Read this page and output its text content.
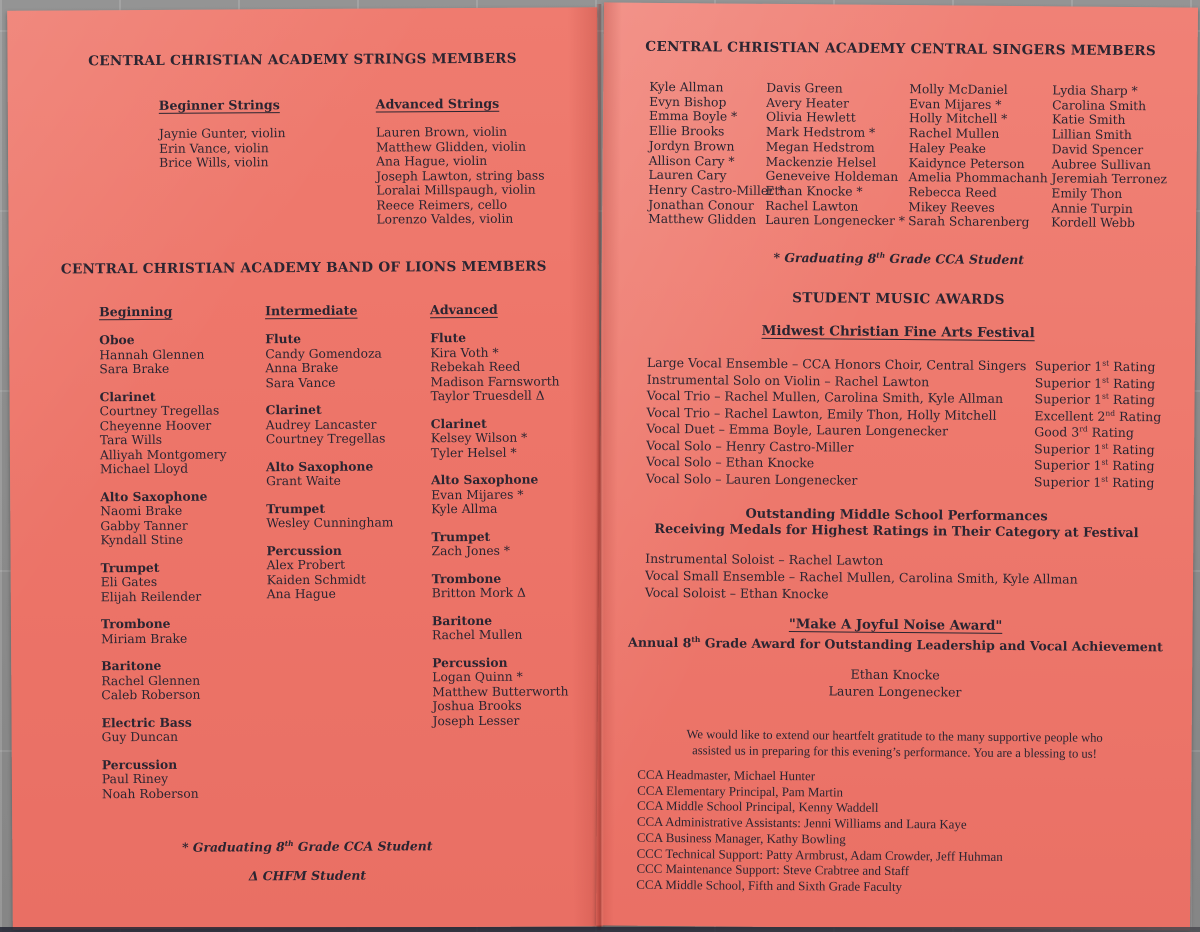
CENTRAL CHRISTIAN ACADEMY STRINGS MEMBERS
Beginner Strings
Jaynie Gunter, violin
Erin Vance, violin
Brice Wills, violin
Advanced Strings
Lauren Brown, violin
Matthew Glidden, violin
Ana Hague, violin
Joseph Lawton, string bass
Loralai Millspaugh, violin
Reece Reimers, cello
Lorenzo Valdes, violin
CENTRAL CHRISTIAN ACADEMY BAND OF LIONS MEMBERS
Beginning
Oboe
Hannah Glennen
Sara Brake
Clarinet
Courtney Tregellas
Cheyenne Hoover
Tara Wills
Alliyah Montgomery
Michael Lloyd
Alto Saxophone
Naomi Brake
Gabby Tanner
Kyndall Stine
Trumpet
Eli Gates
Elijah Reilender
Trombone
Miriam Brake
Baritone
Rachel Glennen
Caleb Roberson
Electric Bass
Guy Duncan
Percussion
Paul Riney
Noah Roberson
Intermediate
Flute
Candy Gomendoza
Anna Brake
Sara Vance
Clarinet
Audrey Lancaster
Courtney Tregellas
Alto Saxophone
Grant Waite
Trumpet
Wesley Cunningham
Percussion
Alex Probert
Kaiden Schmidt
Ana Hague
Advanced
Flute
Kira Voth *
Rebekah Reed
Madison Farnsworth
Taylor Truesdell Δ
Clarinet
Kelsey Wilson *
Tyler Helsel *
Alto Saxophone
Evan Mijares *
Kyle Allma
Trumpet
Zach Jones *
Trombone
Britton Mork Δ
Baritone
Rachel Mullen
Percussion
Logan Quinn *
Matthew Butterworth
Joshua Brooks
Joseph Lesser
* Graduating 8th Grade CCA Student
Δ CHFM Student
CENTRAL CHRISTIAN ACADEMY CENTRAL SINGERS MEMBERS
Kyle Allman
Evyn Bishop
Emma Boyle *
Ellie Brooks
Jordyn Brown
Allison Cary *
Lauren Cary
Henry Castro-Miller *
Jonathan Conour
Matthew Glidden
Davis Green
Avery Heater
Olivia Hewlett
Mark Hedstrom *
Megan Hedstrom
Mackenzie Helsel
Geneveive Holdeman
Ethan Knocke *
Rachel Lawton
Lauren Longenecker *
Molly McDaniel
Evan Mijares *
Holly Mitchell *
Rachel Mullen
Haley Peake
Kaidynce Peterson
Amelia Phommachanh
Rebecca Reed
Mikey Reeves
Sarah Scharenberg
Lydia Sharp *
Carolina Smith
Katie Smith
Lillian Smith
David Spencer
Aubree Sullivan
Jeremiah Terronez
Emily Thon
Annie Turpin
Kordell Webb
* Graduating 8th Grade CCA Student
STUDENT MUSIC AWARDS
Midwest Christian Fine Arts Festival
Large Vocal Ensemble – CCA Honors Choir, Central Singers Superior 1st Rating
Instrumental Solo on Violin – Rachel Lawton	Superior 1st Rating
Vocal Trio – Rachel Mullen, Carolina Smith, Kyle Allman	Superior 1st Rating
Vocal Trio – Rachel Lawton, Emily Thon, Holly Mitchell	Excellent 2nd Rating
Vocal Duet – Emma Boyle, Lauren Longenecker	Good 3rd Rating
Vocal Solo – Henry Castro-Miller	Superior 1st Rating
Vocal Solo – Ethan Knocke	Superior 1st Rating
Vocal Solo – Lauren Longenecker	Superior 1st Rating
Outstanding Middle School Performances
Receiving Medals for Highest Ratings in Their Category at Festival
Instrumental Soloist – Rachel Lawton
Vocal Small Ensemble – Rachel Mullen, Carolina Smith, Kyle Allman
Vocal Soloist – Ethan Knocke
"Make A Joyful Noise Award"
Annual 8th Grade Award for Outstanding Leadership and Vocal Achievement
Ethan Knocke
Lauren Longenecker
We would like to extend our heartfelt gratitude to the many supportive people who
assisted us in preparing for this evening’s performance. You are a blessing to us!
CCA Headmaster, Michael Hunter
CCA Elementary Principal, Pam Martin
CCA Middle School Principal, Kenny Waddell
CCA Administrative Assistants: Jenni Williams and Laura Kaye
CCA Business Manager, Kathy Bowling
CCC Technical Support: Patty Armbrust, Adam Crowder, Jeff Huhman
CCC Maintenance Support: Steve Crabtree and Staff
CCA Middle School, Fifth and Sixth Grade Faculty
